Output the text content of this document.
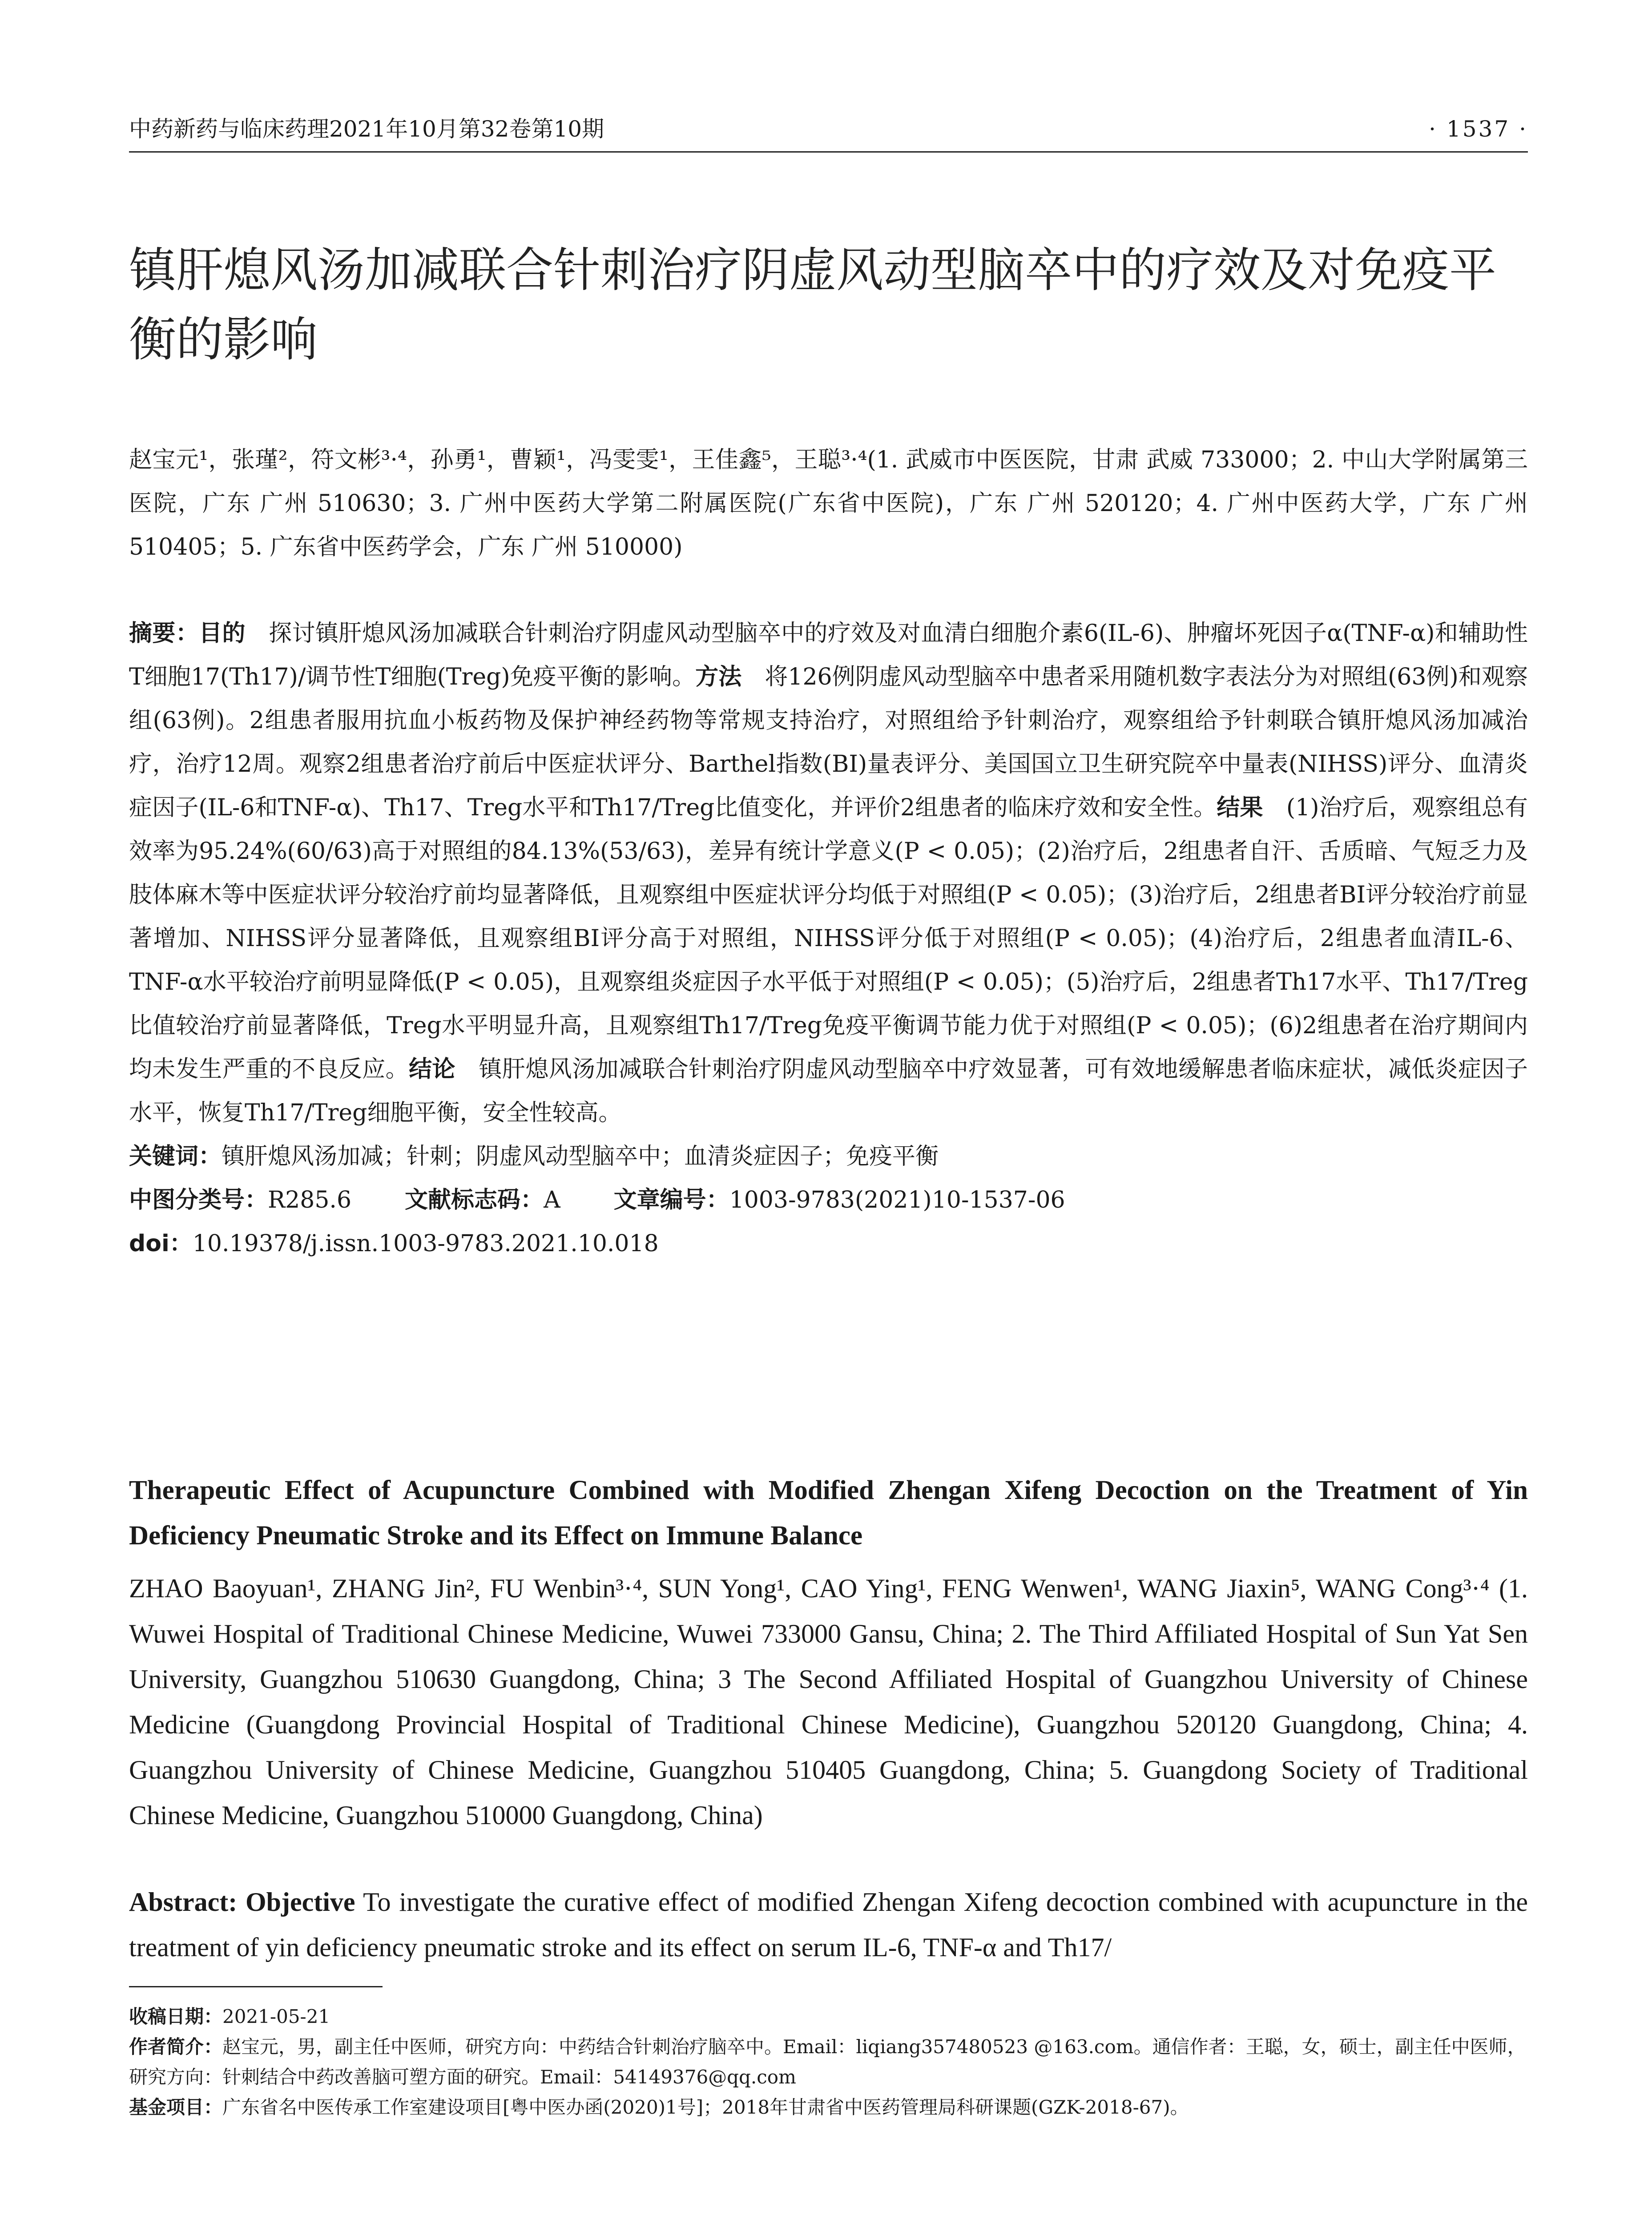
中药新药与临床药理2021年10月第32卷第10期	· 1537 ·
镇肝熄风汤加减联合针刺治疗阴虚风动型脑卒中的疗效及对免疫平衡的影响
赵宝元¹，张瑾²，符文彬³·⁴，孙勇¹，曹颖¹，冯雯雯¹，王佳鑫⁵，王聪³·⁴(1. 武威市中医医院，甘肃 武威 733000；2. 中山大学附属第三医院，广东 广州 510630；3. 广州中医药大学第二附属医院(广东省中医院)，广东 广州 520120；4. 广州中医药大学，广东 广州 510405；5. 广东省中医药学会，广东 广州 510000)

摘要：目的　 探讨镇肝熄风汤加减联合针刺治疗阴虚风动型脑卒中的疗效及对血清白细胞介素6(IL-6)、肿瘤坏死因子α(TNF-α)和辅助性T细胞17(Th17)/调节性T细胞(Treg)免疫平衡的影响。方法　 将126例阴虚风动型脑卒中患者采用随机数字表法分为对照组(63例)和观察组(63例)。2组患者服用抗血小板药物及保护神经药物等常规支持治疗，对照组给予针刺治疗，观察组给予针刺联合镇肝熄风汤加减治疗，治疗12周。观察2组患者治疗前后中医症状评分、Barthel指数(BI)量表评分、美国国立卫生研究院卒中量表(NIHSS)评分、血清炎症因子(IL-6和TNF-α)、Th17、Treg水平和Th17/Treg比值变化，并评价2组患者的临床疗效和安全性。结果　 (1)治疗后，观察组总有效率为95.24%(60/63)高于对照组的84.13%(53/63)，差异有统计学意义(P < 0.05)；(2)治疗后，2组患者自汗、舌质暗、气短乏力及肢体麻木等中医症状评分较治疗前均显著降低，且观察组中医症状评分均低于对照组(P < 0.05)；(3)治疗后，2组患者BI评分较治疗前显著增加、NIHSS评分显著降低，且观察组BI评分高于对照组，NIHSS评分低于对照组(P < 0.05)；(4)治疗后，2组患者血清IL-6、TNF-α水平较治疗前明显降低(P < 0.05)，且观察组炎症因子水平低于对照组(P < 0.05)；(5)治疗后，2组患者Th17水平、Th17/Treg比值较治疗前显著降低，Treg水平明显升高，且观察组Th17/Treg免疫平衡调节能力优于对照组(P < 0.05)；(6)2组患者在治疗期间内均未发生严重的不良反应。结论　 镇肝熄风汤加减联合针刺治疗阴虚风动型脑卒中疗效显著，可有效地缓解患者临床症状，减低炎症因子水平，恢复Th17/Treg细胞平衡，安全性较高。

关键词：镇肝熄风汤加减；针刺；阴虚风动型脑卒中；血清炎症因子；免疫平衡

中图分类号：R285.6 文献标志码：A 文章编号：1003-9783(2021)10-1537-06

doi：10.19378/j.issn.1003-9783.2021.10.018

Therapeutic Effect of Acupuncture Combined with Modified Zhengan Xifeng Decoction on the Treatment of Yin Deficiency Pneumatic Stroke and its Effect on Immune Balance
ZHAO Baoyuan¹, ZHANG Jin², FU Wenbin³·⁴, SUN Yong¹, CAO Ying¹, FENG Wenwen¹, WANG Jiaxin⁵, WANG Cong³·⁴ (1. Wuwei Hospital of Traditional Chinese Medicine, Wuwei 733000 Gansu, China; 2. The Third Affiliated Hospital of Sun Yat Sen University, Guangzhou 510630 Guangdong, China; 3 The Second Affiliated Hospital of Guangzhou University of Chinese Medicine (Guangdong Provincial Hospital of Traditional Chinese Medicine), Guangzhou 520120 Guangdong, China; 4. Guangzhou University of Chinese Medicine, Guangzhou 510405 Guangdong, China; 5. Guangdong Society of Traditional Chinese Medicine, Guangzhou 510000 Guangdong, China)
Abstract: Objective To investigate the curative effect of modified Zhengan Xifeng decoction combined with acupuncture in the treatment of yin deficiency pneumatic stroke and its effect on serum IL-6, TNF-α and Th17/

收稿日期：2021-05-21

作者简介：赵宝元，男，副主任中医师，研究方向：中药结合针刺治疗脑卒中。Email：liqiang357480523 @163.com。通信作者：王聪，女，硕士，副主任中医师，研究方向：针刺结合中药改善脑可塑方面的研究。Email：54149376@qq.com

基金项目：广东省名中医传承工作室建设项目[粤中医办函(2020)1号]；2018年甘肃省中医药管理局科研课题(GZK-2018-67)。
